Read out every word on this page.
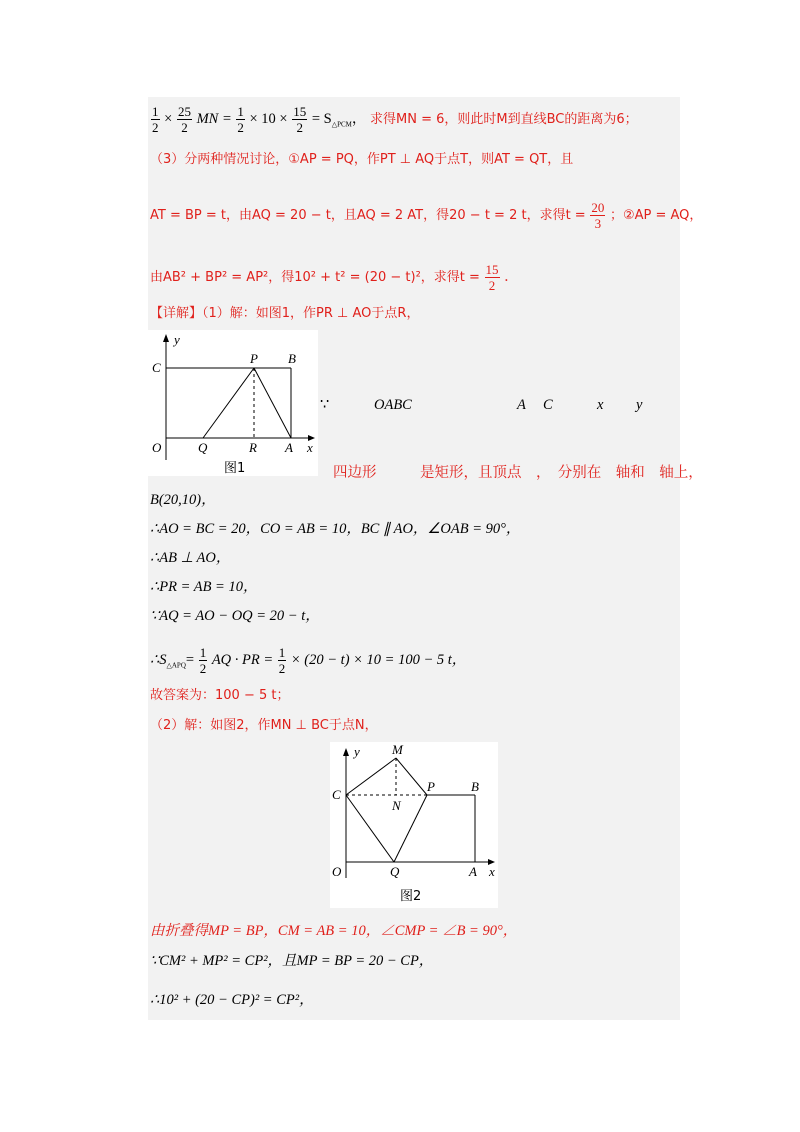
$\frac{1}{2} \times \frac{25}{2}$ MN = $\frac{1}{2} \times 10 \times \frac{15}{2} = S_{\triangle PCM}$， 求得MN = 6，则此时M到直线BC的距离为6；
（3）分两种情况讨论，①AP = PQ，作PT ⊥ AQ于点T，则AT = QT，且
AT = BP = t，由AQ = 20 − t，且AQ = 2 AT，得20 − t = 2 t，求得$t = \frac{20}{3}$ ；②AP = AQ，
由AB² + BP² = AP²，得10² + t² = (20 − t)²，求得$t = \frac{15}{2}$ ．
【详解】（1）解：如图1，作PR ⊥ AO于点R，
y
C
P B
O	Q	R A x
图1
∵	OABC	A C	x y
四边形　　　是矩形，且顶点　，　分别在　轴和　轴上，
B(20,10)，
∴AO = BC = 20，CO = AB = 10，BC ∥ AO，∠OAB = 90°，
∴AB ⊥ AO，
∴PR = AB = 10，
∵AQ = AO − OQ = 20 − t，
$\therefore S_{\triangle APQ}= \frac{1}{2}$ AQ · PR = $\frac{1}{2} \times (20 - t) \times 10 = 100 - 5$ t，
故答案为：100 − 5 t；
（2）解：如图2，作MN ⊥ BC于点N，
y M
C
N
P	B
O	Q	A x
图2
由折叠得MP = BP，CM = AB = 10，∠CMP = ∠B = 90°，
∵CM² + MP² = CP²，且MP = BP = 20 − CP，
∴10² + (20 − CP)² = CP²，
